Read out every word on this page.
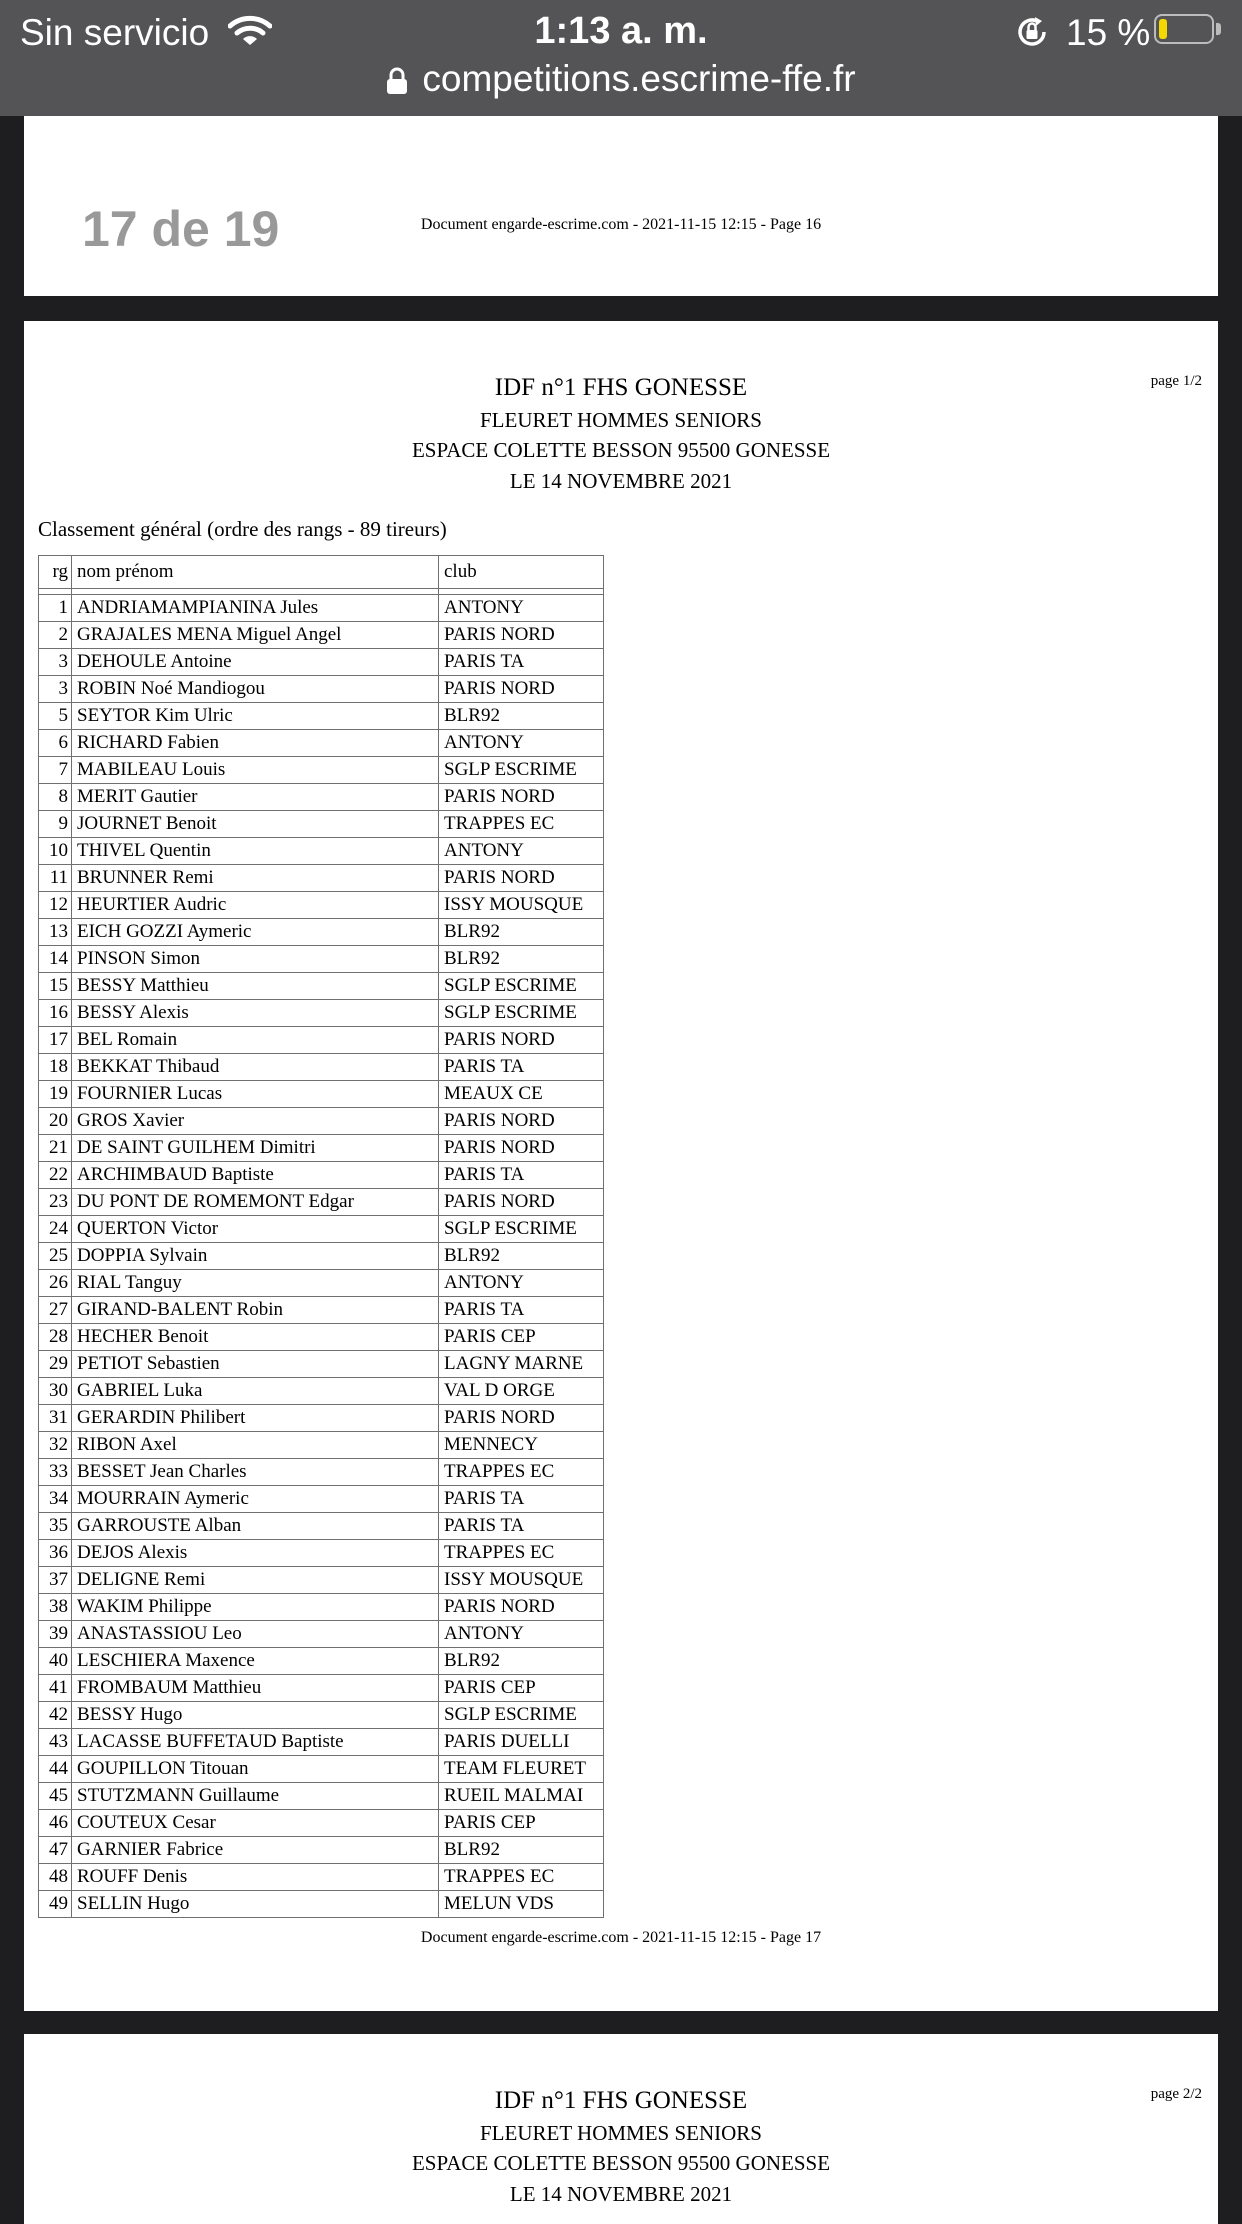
Sin servicio	1:13 a. m.	15 %
competitions.escrime-ffe.fr
17 de 19	Document engarde-escrime.com - 2021-11-15 12:15 - Page 16
page 1/2
IDF n°1 FHS GONESSE
FLEURET HOMMES SENIORS
ESPACE COLETTE BESSON 95500 GONESSE
LE 14 NOVEMBRE 2021
Classement général (ordre des rangs - 89 tireurs)
rg	nom prénom	club

1	ANDRIAMAMPIANINA Jules	ANTONY
2	GRAJALES MENA Miguel Angel	PARIS NORD
3	DEHOULE Antoine	PARIS TA
3	ROBIN Noé Mandiogou	PARIS NORD
5	SEYTOR Kim Ulric	BLR92
6	RICHARD Fabien	ANTONY
7	MABILEAU Louis	SGLP ESCRIME
8	MERIT Gautier	PARIS NORD
9	JOURNET Benoit	TRAPPES EC
10	THIVEL Quentin	ANTONY
11	BRUNNER Remi	PARIS NORD
12	HEURTIER Audric	ISSY MOUSQUE
13	EICH GOZZI Aymeric	BLR92
14	PINSON Simon	BLR92
15	BESSY Matthieu	SGLP ESCRIME
16	BESSY Alexis	SGLP ESCRIME
17	BEL Romain	PARIS NORD
18	BEKKAT Thibaud	PARIS TA
19	FOURNIER Lucas	MEAUX CE
20	GROS Xavier	PARIS NORD
21	DE SAINT GUILHEM Dimitri	PARIS NORD
22	ARCHIMBAUD Baptiste	PARIS TA
23	DU PONT DE ROMEMONT Edgar	PARIS NORD
24	QUERTON Victor	SGLP ESCRIME
25	DOPPIA Sylvain	BLR92
26	RIAL Tanguy	ANTONY
27	GIRAND-BALENT Robin	PARIS TA
28	HECHER Benoit	PARIS CEP
29	PETIOT Sebastien	LAGNY MARNE
30	GABRIEL Luka	VAL D ORGE
31	GERARDIN Philibert	PARIS NORD
32	RIBON Axel	MENNECY
33	BESSET Jean Charles	TRAPPES EC
34	MOURRAIN Aymeric	PARIS TA
35	GARROUSTE Alban	PARIS TA
36	DEJOS Alexis	TRAPPES EC
37	DELIGNE Remi	ISSY MOUSQUE
38	WAKIM Philippe	PARIS NORD
39	ANASTASSIOU Leo	ANTONY
40	LESCHIERA Maxence	BLR92
41	FROMBAUM Matthieu	PARIS CEP
42	BESSY Hugo	SGLP ESCRIME
43	LACASSE BUFFETAUD Baptiste	PARIS DUELLI
44	GOUPILLON Titouan	TEAM FLEURET
45	STUTZMANN Guillaume	RUEIL MALMAI
46	COUTEUX Cesar	PARIS CEP
47	GARNIER Fabrice	BLR92
48	ROUFF Denis	TRAPPES EC
49	SELLIN Hugo	MELUN VDS
Document engarde-escrime.com - 2021-11-15 12:15 - Page 17
page 2/2
IDF n°1 FHS GONESSE
FLEURET HOMMES SENIORS
ESPACE COLETTE BESSON 95500 GONESSE
LE 14 NOVEMBRE 2021
